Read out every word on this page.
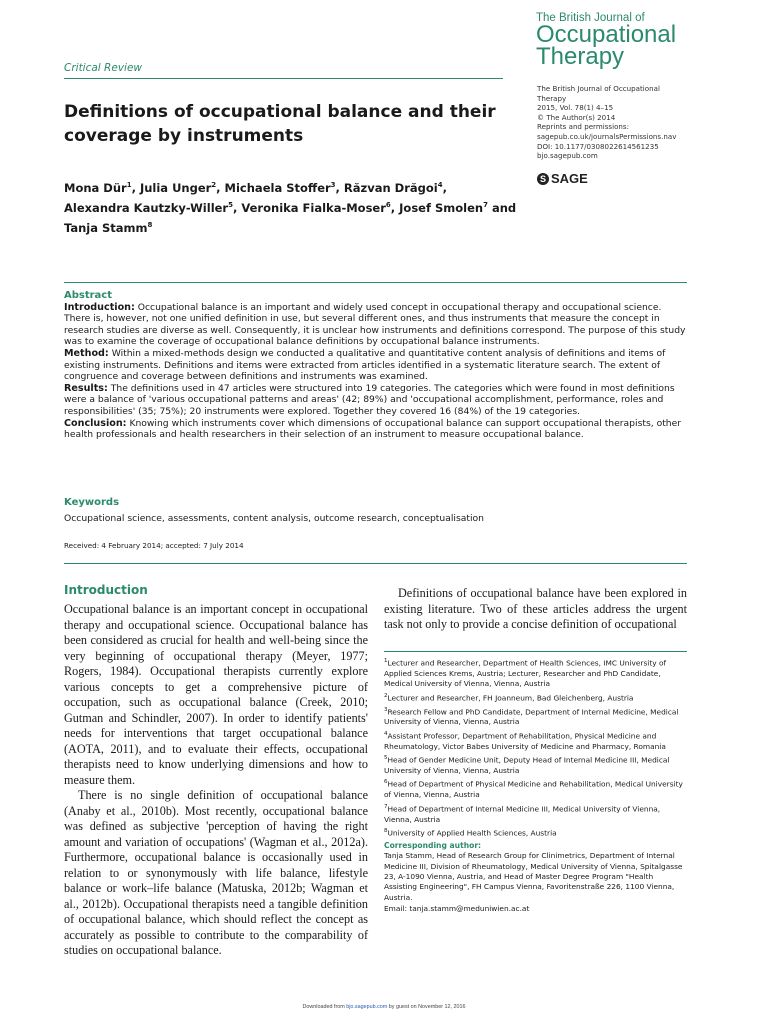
The British Journal of
Occupational
Therapy
The British Journal of Occupational
Therapy
2015, Vol. 78(1) 4–15
© The Author(s) 2014
Reprints and permissions:
sagepub.co.uk/journalsPermissions.nav
DOI: 10.1177/0308022614561235
bjo.sagepub.com
S SAGE
Critical Review
Definitions of occupational balance and their coverage by instruments
Mona Dür$^1$, Julia Unger$^2$, Michaela Stoffer$^3$, Răzvan Drăgoi$^4$,
Alexandra Kautzky-Willer$^5$, Veronika Fialka-Moser$^6$, Josef Smolen$^7$ and
Tanja Stamm$^8$
Abstract

Introduction: Occupational balance is an important and widely used concept in occupational therapy and occupational science. There is, however, not one unified definition in use, but several different ones, and thus instruments that measure the concept in research studies are diverse as well. Consequently, it is unclear how instruments and definitions correspond. The purpose of this study was to examine the coverage of occupational balance definitions by occupational balance instruments.

Method: Within a mixed-methods design we conducted a qualitative and quantitative content analysis of definitions and items of existing instruments. Definitions and items were extracted from articles identified in a systematic literature search. The extent of congruence and coverage between definitions and instruments was examined.

Results: The definitions used in 47 articles were structured into 19 categories. The categories which were found in most definitions were a balance of 'various occupational patterns and areas' (42; 89%) and 'occupational accomplishment, performance, roles and responsibilities' (35; 75%); 20 instruments were explored. Together they covered 16 (84%) of the 19 categories.

Conclusion: Knowing which instruments cover which dimensions of occupational balance can support occupational therapists, other health professionals and health researchers in their selection of an instrument to measure occupational balance.

Keywords
Occupational science, assessments, content analysis, outcome research, conceptualisation
Received: 4 February 2014; accepted: 7 July 2014
Introduction

Occupational balance is an important concept in occupational therapy and occupational science. Occupational balance has been considered as crucial for health and well-being since the very beginning of occupational therapy (Meyer, 1977; Rogers, 1984). Occupational therapists currently explore various concepts to get a comprehensive picture of occupation, such as occupational balance (Creek, 2010; Gutman and Schindler, 2007). In order to identify patients' needs for interventions that target occupational balance (AOTA, 2011), and to evaluate their effects, occupational therapists need to know underlying dimensions and how to measure them.

There is no single definition of occupational balance (Anaby et al., 2010b). Most recently, occupational balance was defined as subjective 'perception of having the right amount and variation of occupations' (Wagman et al., 2012a). Furthermore, occupational balance is occasionally used in relation to or synonymously with life balance, lifestyle balance or work–life balance (Matuska, 2012b; Wagman et al., 2012b). Occupational therapists need a tangible definition of occupational balance, which should reflect the concept as accurately as possible to contribute to the comparability of studies on occupational balance.

Definitions of occupational balance have been explored in existing literature. Two of these articles address the urgent task not only to provide a concise definition of occupational

$^1$Lecturer and Researcher, Department of Health Sciences, IMC University of Applied Sciences Krems, Austria; Lecturer, Researcher and PhD Candidate, Medical University of Vienna, Vienna, Austria

$^2$Lecturer and Researcher, FH Joanneum, Bad Gleichenberg, Austria

$^3$Research Fellow and PhD Candidate, Department of Internal Medicine, Medical University of Vienna, Vienna, Austria

$^4$Assistant Professor, Department of Rehabilitation, Physical Medicine and Rheumatology, Victor Babes University of Medicine and Pharmacy, Romania

$^5$Head of Gender Medicine Unit, Deputy Head of Internal Medicine III, Medical University of Vienna, Vienna, Austria

$^6$Head of Department of Physical Medicine and Rehabilitation, Medical University of Vienna, Vienna, Austria

$^7$Head of Department of Internal Medicine III, Medical University of Vienna, Vienna, Austria

$^8$University of Applied Health Sciences, Austria

Corresponding author:

Tanja Stamm, Head of Research Group for Clinimetrics, Department of Internal Medicine III, Division of Rheumatology, Medical University of Vienna, Spitalgasse 23, A-1090 Vienna, Austria, and Head of Master Degree Program "Health Assisting Engineering", FH Campus Vienna, Favoritenstraße 226, 1100 Vienna, Austria.

Email: tanja.stamm@meduniwien.ac.at

Downloaded from bjo.sagepub.com by guest on November 12, 2016
